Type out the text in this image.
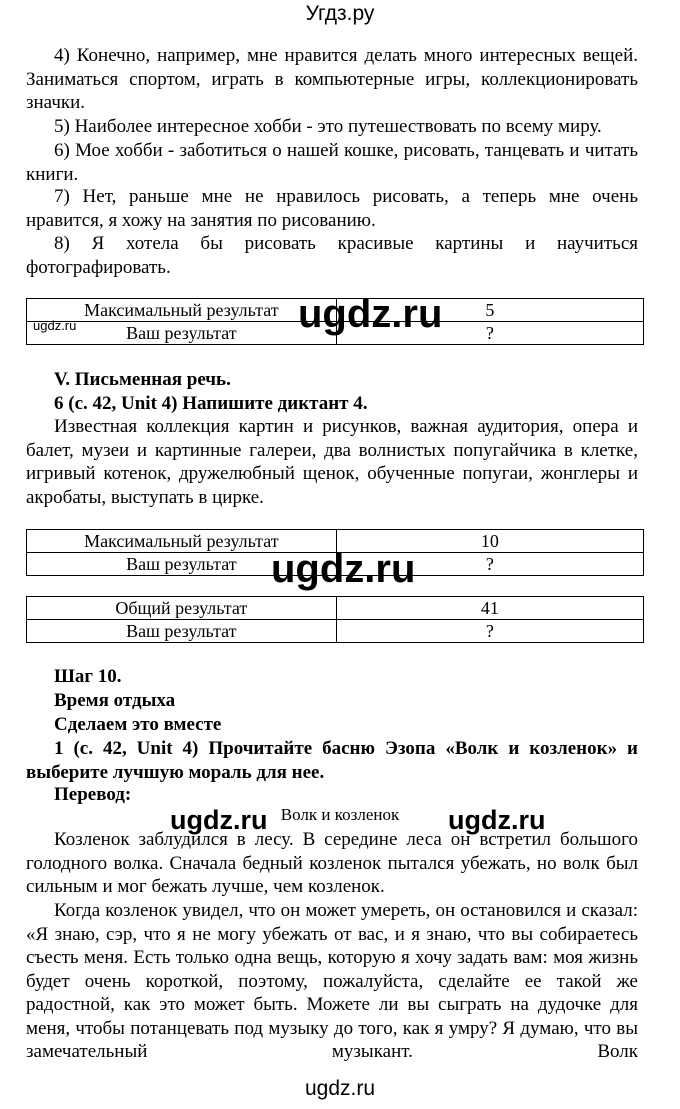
Угдз.ру

4) Конечно, например, мне нравится делать много интересных вещей. Заниматься спортом, играть в компьютерные игры, коллекционировать значки.

5) Наиболее интересное хобби - это путешествовать по всему миру.

6) Мое хобби - заботиться о нашей кошке, рисовать, танцевать и читать книги.

7) Нет, раньше мне не нравилось рисовать, а теперь мне очень нравится, я хожу на занятия по рисованию.

8) Я хотела бы рисовать красивые картины и научиться фотографировать.

Максимальный результат	5
Ваш результат	?
ugdz.ru
ugdz.ru

V. Письменная речь.

6 (с. 42, Unit 4) Напишите диктант 4.

Известная коллекция картин и рисунков, важная аудитория, опера и балет, музеи и картинные галереи, два волнистых попугайчика в клетке, игривый котенок, дружелюбный щенок, обученные попугаи, жонглеры и акробаты, выступать в цирке.

Максимальный результат	10
Ваш результат	?
ugdz.ru
Общий результат	41
Ваш результат	?

Шаг 10.

Время отдыха

Сделаем это вместе

1 (с. 42, Unit 4) Прочитайте басню Эзопа «Волк и козленок» и выберите лучшую мораль для нее.

Перевод:

Волк и козленок
ugdz.ru	ugdz.ru

Козленок заблудился в лесу. В середине леса он встретил большого голодного волка. Сначала бедный козленок пытался убежать, но волк был сильным и мог бежать лучше, чем козленок.

Когда козленок увидел, что он может умереть, он остановился и сказал: «Я знаю, сэр, что я не могу убежать от вас, и я знаю, что вы собираетесь съесть меня. Есть только одна вещь, которую я хочу задать вам: моя жизнь будет очень короткой, поэтому, пожалуйста, сделайте ее такой же радостной, как это может быть. Можете ли вы сыграть на дудочке для меня, чтобы потанцевать под музыку до того, как я умру? Я думаю, что вы замечательный музыкант. Волк

ugdz.ru
